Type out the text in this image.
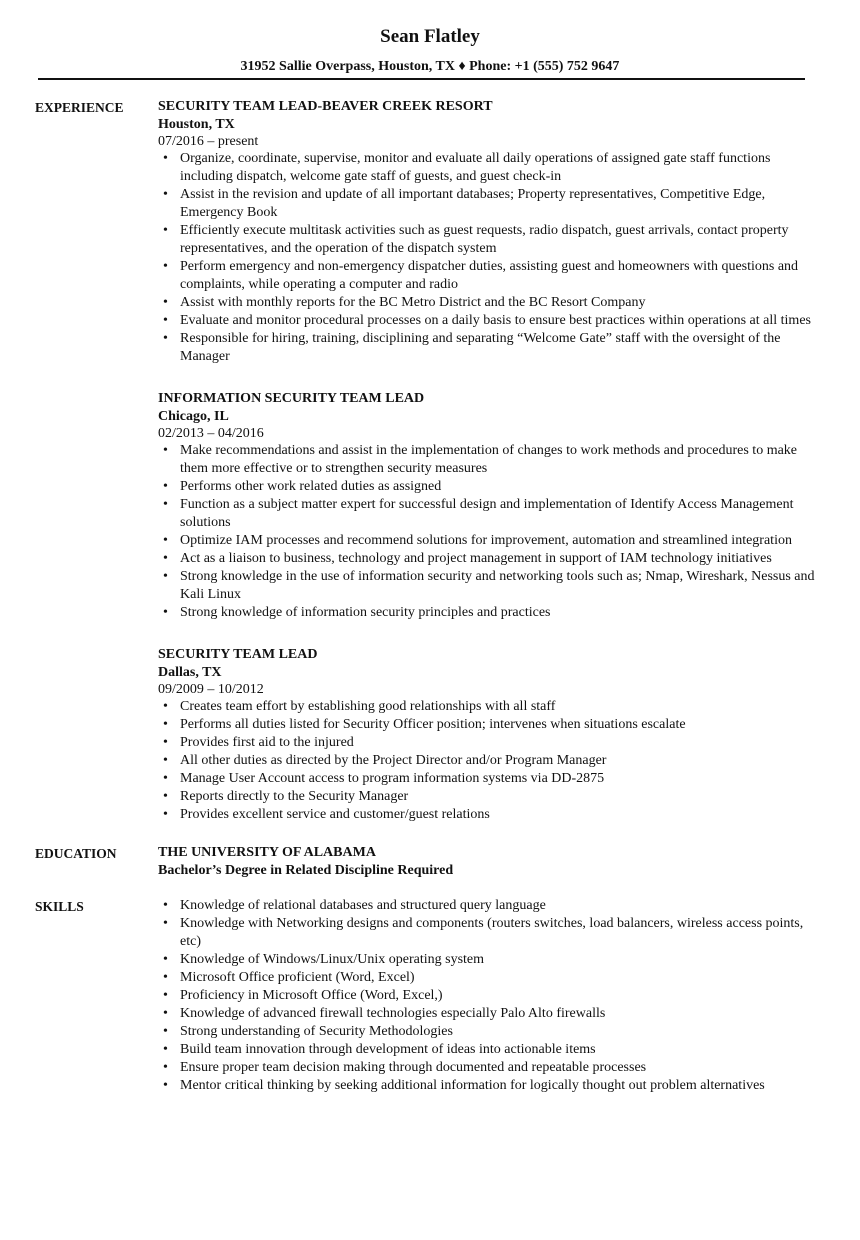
Sean Flatley
31952 Sallie Overpass, Houston, TX ♦ Phone: +1 (555) 752 9647
EXPERIENCE SECURITY TEAM LEAD-BEAVER CREEK RESORT
Houston, TX
07/2016 – present
• Organize, coordinate, supervise, monitor and evaluate all daily operations of assigned gate staff functions including dispatch, welcome gate staff of guests, and guest check-in
• Assist in the revision and update of all important databases; Property representatives, Competitive Edge, Emergency Book
• Efficiently execute multitask activities such as guest requests, radio dispatch, guest arrivals, contact property representatives, and the operation of the dispatch system
• Perform emergency and non-emergency dispatcher duties, assisting guest and homeowners with questions and complaints, while operating a computer and radio
• Assist with monthly reports for the BC Metro District and the BC Resort Company
• Evaluate and monitor procedural processes on a daily basis to ensure best practices within operations at all times
• Responsible for hiring, training, disciplining and separating “Welcome Gate” staff with the oversight of the Manager
INFORMATION SECURITY TEAM LEAD
Chicago, IL
02/2013 – 04/2016
• Make recommendations and assist in the implementation of changes to work methods and procedures to make them more effective or to strengthen security measures
• Performs other work related duties as assigned
• Function as a subject matter expert for successful design and implementation of Identify Access Management solutions
• Optimize IAM processes and recommend solutions for improvement, automation and streamlined integration
• Act as a liaison to business, technology and project management in support of IAM technology initiatives
• Strong knowledge in the use of information security and networking tools such as; Nmap, Wireshark, Nessus and Kali Linux
• Strong knowledge of information security principles and practices
SECURITY TEAM LEAD
Dallas, TX
09/2009 – 10/2012
• Creates team effort by establishing good relationships with all staff
• Performs all duties listed for Security Officer position; intervenes when situations escalate
• Provides first aid to the injured
• All other duties as directed by the Project Director and/or Program Manager
• Manage User Account access to program information systems via DD-2875
• Reports directly to the Security Manager
• Provides excellent service and customer/guest relations
EDUCATION	THE UNIVERSITY OF ALABAMA
Bachelor’s Degree in Related Discipline Required
SKILLS
•	Knowledge of relational databases and structured query language
• Knowledge with Networking designs and components (routers switches, load balancers, wireless access points, etc)
• Knowledge of Windows/Linux/Unix operating system
• Microsoft Office proficient (Word, Excel)
• Proficiency in Microsoft Office (Word, Excel,)
• Knowledge of advanced firewall technologies especially Palo Alto firewalls
• Strong understanding of Security Methodologies
• Build team innovation through development of ideas into actionable items
• Ensure proper team decision making through documented and repeatable processes
• Mentor critical thinking by seeking additional information for logically thought out problem alternatives
